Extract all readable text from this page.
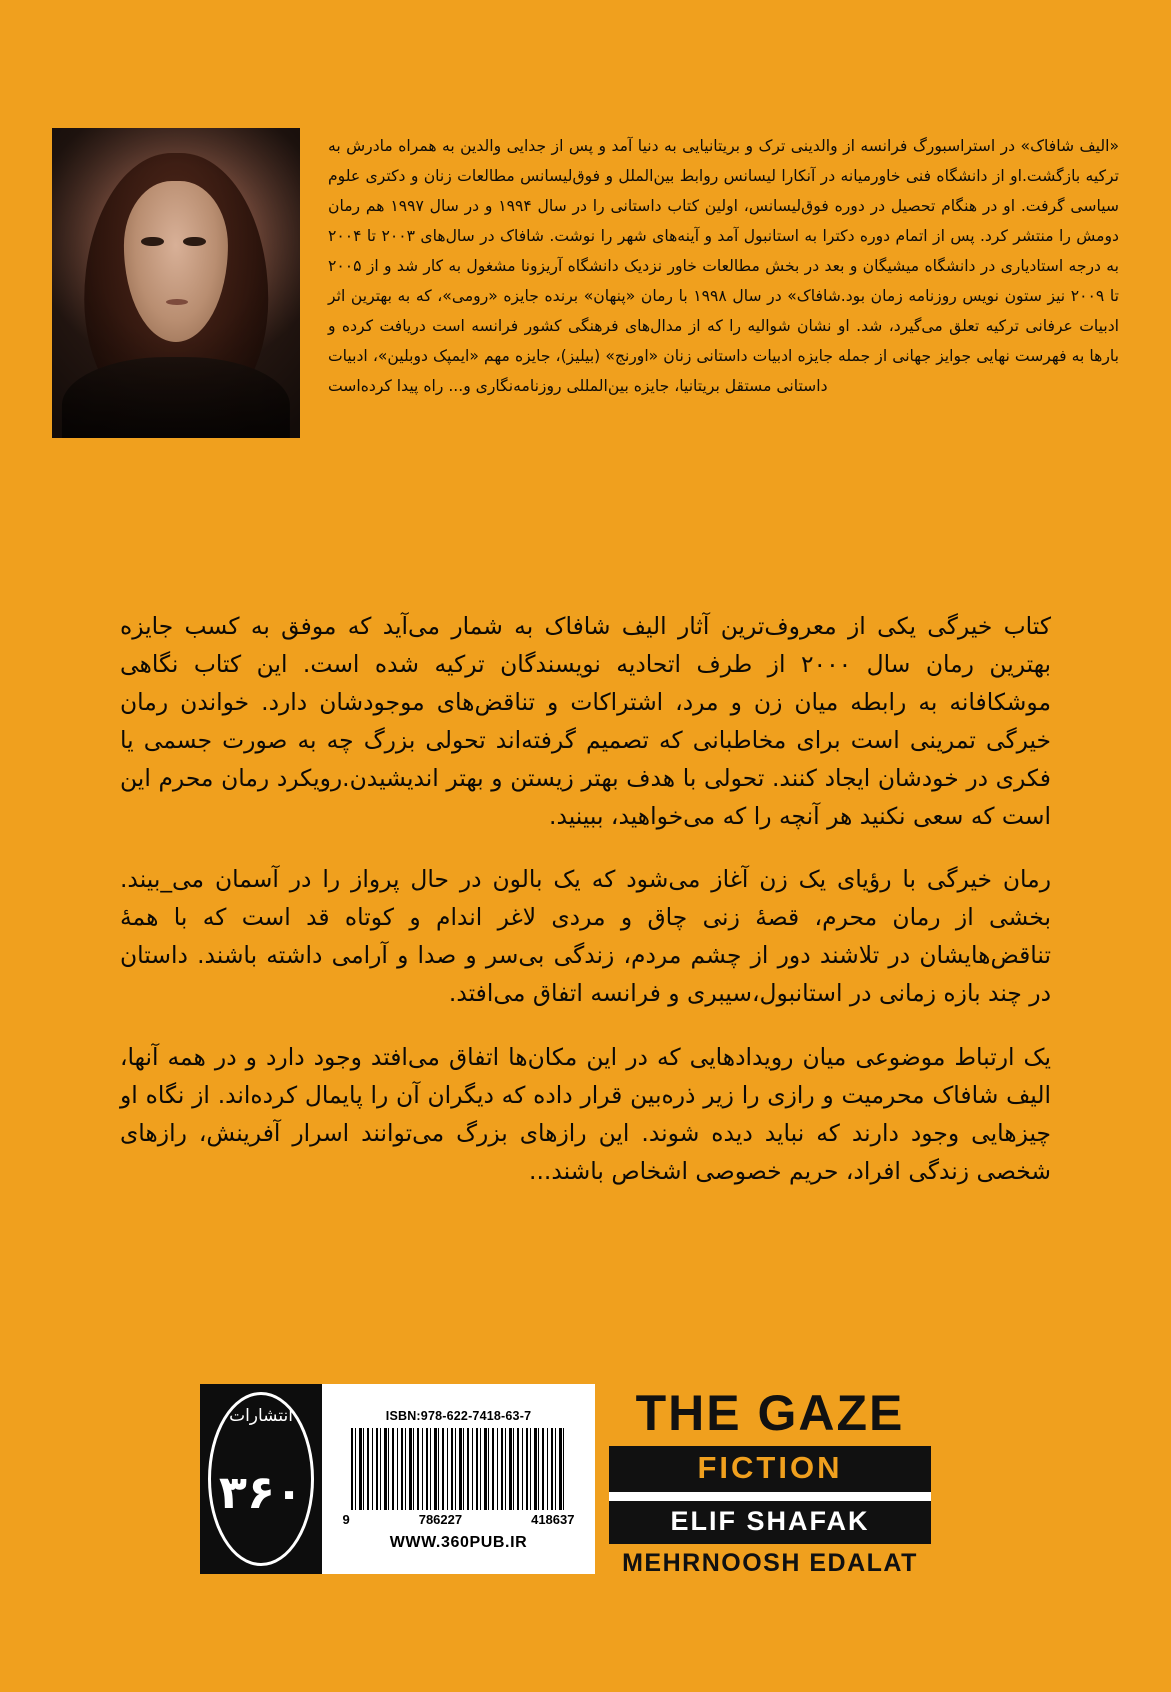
«الیف شافاک» در استراسبورگ فرانسه از والدینی ترک و بریتانیایی به دنیا آمد و پس از جدایی والدین به همراه مادرش به ترکیه بازگشت.او از دانشگاه فنی خاورمیانه در آنکارا لیسانس روابط بین‌الملل و فوق‌لیسانس مطالعات زنان و دکتری علوم سیاسی گرفت. او در هنگام تحصیل در دوره فوق‌لیسانس، اولین کتاب داستانی را در سال ۱۹۹۴ و در سال ۱۹۹۷ هم رمان دومش را منتشر کرد. پس از اتمام دوره دکترا به استانبول آمد و آینه‌های شهر را نوشت. شافاک در سال‌های ۲۰۰۳ تا ۲۰۰۴ به درجه استادیاری در دانشگاه میشیگان و بعد در بخش مطالعات خاور نزدیک دانشگاه آریزونا مشغول به کار شد و از ۲۰۰۵ تا ۲۰۰۹ نیز ستون نویس روزنامه زمان بود.شافاک» در سال ۱۹۹۸ با رمان «پنهان» برنده جایزه «رومی»، که به بهترین اثر ادبیات عرفانی ترکیه تعلق می‌گیرد، شد. او نشان شوالیه را که از مدال‌های فرهنگی کشور فرانسه است دریافت کرده و بارها به فهرست نهایی جوایز جهانی از جمله جایزه ادبیات داستانی زنان «اورنج» (بیلیز)، جایزه مهم «ایمپک دوبلین»، ادبیات داستانی مستقل بریتانیا، جایزه بین‌المللی روزنامه‌نگاری و... راه پیدا کرده‌است

کتاب خیرگی یکی از معروف‌ترین آثار الیف شافاک به شمار می‌آید که موفق به کسب جایزه بهترین رمان سال ۲۰۰۰ از طرف اتحادیه نویسندگان ترکیه شده است. این کتاب نگاهی موشکافانه به رابطه میان زن و مرد، اشتراکات و تناقض‌های موجودشان دارد. خواندن رمان خیرگی تمرینی است برای مخاطبانی که تصمیم گرفته‌اند تحولی بزرگ چه به صورت جسمی یا فکری در خودشان ایجاد کنند. تحولی با هدف بهتر زیستن و بهتر اندیشیدن.رویکرد رمان محرم این است که سعی نکنید هر آنچه را که می‌خواهید، ببینید.

رمان خیرگی با رؤیای یک زن آغاز می‌شود که یک بالون در حال پرواز را در آسمان می‌_بیند. بخشی از رمان محرم، قصهٔ زنی چاق و مردی لاغر اندام و کوتاه قد است که با همهٔ تناقض‌هایشان در تلاشند دور از چشم مردم، زندگی بی‌سر و صدا و آرامی داشته باشند. داستان در چند بازه زمانی در استانبول،سیبری و فرانسه اتفاق می‌افتد.

یک ارتباط موضوعی میان رویدادهایی که در این مکان‌ها اتفاق می‌افتد وجود دارد و در همه آنها، الیف شافاک محرمیت و رازی را زیر ذره‌بین قرار داده که دیگران آن را پایمال کرده‌اند. از نگاه او چیزهایی وجود دارند که نباید دیده شوند. این رازهای بزرگ می‌توانند اسرار آفرینش، رازهای شخصی زندگی افراد، حریم خصوصی اشخاص باشند...

THE GAZE
FICTION
ELIF SHAFAK
MEHRNOOSH EDALAT
ISBN:978-622-7418-63-7
9	786227	418637
WWW.360PUB.IR
انتشارات
۳۶۰
